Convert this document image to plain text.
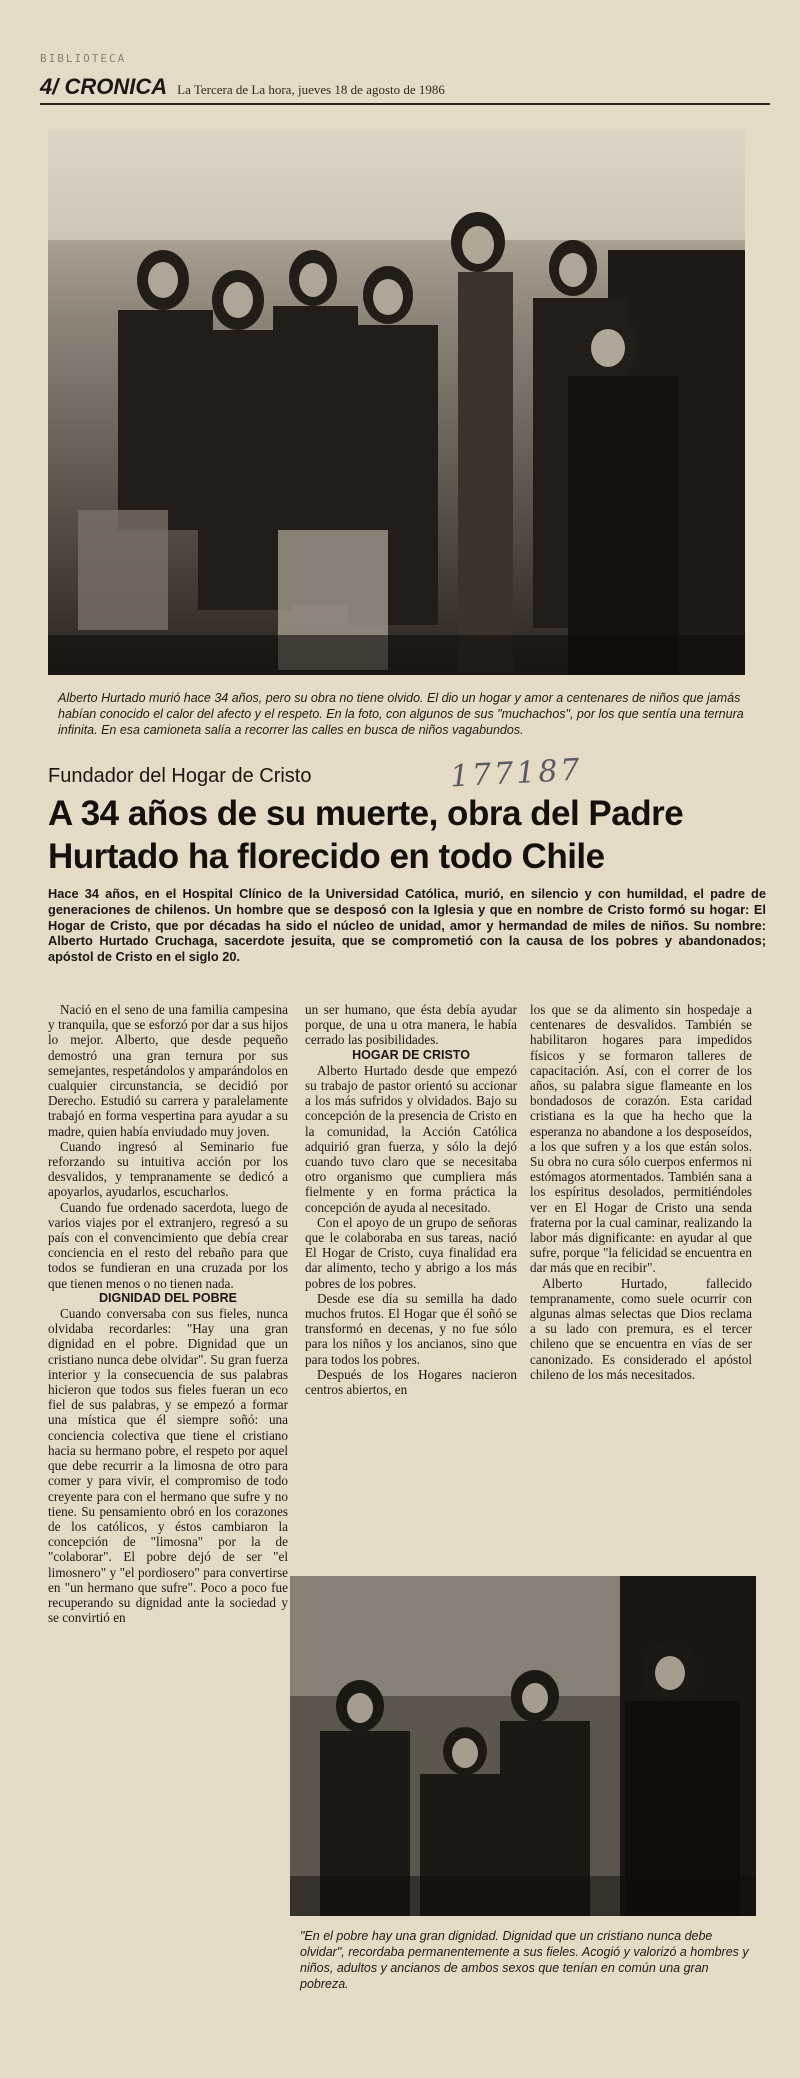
BIBLIOTECA
4/ CRONICA La Tercera de La hora, jueves 18 de agosto de 1986
Alberto Hurtado murió hace 34 años, pero su obra no tiene olvido. El dio un hogar y amor a centenares de niños que jamás habían conocido el calor del afecto y el respeto. En la foto, con algunos de sus "muchachos", por los que sentía una ternura infinita. En esa camioneta salía a recorrer las calles en busca de niños vagabundos.
Fundador del Hogar de Cristo	177187
A 34 años de su muerte, obra del Padre Hurtado ha florecido en todo Chile

Hace 34 años, en el Hospital Clínico de la Universidad Católica, murió, en silencio y con humildad, el padre de generaciones de chilenos. Un hombre que se desposó con la Iglesia y que en nombre de Cristo formó su hogar: El Hogar de Cristo, que por décadas ha sido el núcleo de unidad, amor y hermandad de miles de niños. Su nombre: Alberto Hurtado Cruchaga, sacerdote jesuita, que se comprometió con la causa de los pobres y abandonados; apóstol de Cristo en el siglo 20.

Nació en el seno de una familia campesina y tranquila, que se esforzó por dar a sus hijos lo mejor. Alberto, que desde pequeño demostró una gran ternura por sus semejantes, respetándolos y amparándolos en cualquier circunstancia, se decidió por Derecho. Estudió su carrera y paralelamente trabajó en forma vespertina para ayudar a su madre, quien había enviudado muy joven.

Cuando ingresó al Seminario fue reforzando su intuitiva acción por los desvalidos, y tempranamente se dedicó a apoyarlos, ayudarlos, escucharlos.

Cuando fue ordenado sacerdota, luego de varios viajes por el extranjero, regresó a su país con el convencimiento que debía crear conciencia en el resto del rebaño para que todos se fundieran en una cruzada por los que tienen menos o no tienen nada.

DIGNIDAD DEL POBRE

Cuando conversaba con sus fieles, nunca olvidaba recordarles: "Hay una gran dignidad en el pobre. Dignidad que un cristiano nunca debe olvidar". Su gran fuerza interior y la consecuencia de sus palabras hicieron que todos sus fieles fueran un eco fiel de sus palabras, y se empezó a formar una mística que él siempre soñó: una conciencia colectiva que tiene el cristiano hacia su hermano pobre, el respeto por aquel que debe recurrir a la limosna de otro para comer y para vivir, el compromiso de todo creyente para con el hermano que sufre y no tiene. Su pensamiento obró en los corazones de los católicos, y éstos cambiaron la concepción de "limosna" por la de "colaborar". El pobre dejó de ser "el limosnero" y "el pordiosero" para convertirse en "un hermano que sufre". Poco a poco fue recuperando su dignidad ante la sociedad y se convirtió en

un ser humano, que ésta debía ayudar porque, de una u otra manera, le había cerrado las posibilidades.

HOGAR DE CRISTO

Alberto Hurtado desde que empezó su trabajo de pastor orientó su accionar a los más sufridos y olvidados. Bajo su concepción de la presencia de Cristo en la comunidad, la Acción Católica adquirió gran fuerza, y sólo la dejó cuando tuvo claro que se necesitaba otro organismo que cumpliera más fielmente y en forma práctica la concepción de ayuda al necesitado.

Con el apoyo de un grupo de señoras que le colaboraba en sus tareas, nació El Hogar de Cristo, cuya finalidad era dar alimento, techo y abrigo a los más pobres de los pobres.

Desde ese día su semilla ha dado muchos frutos. El Hogar que él soñó se transformó en decenas, y no fue sólo para los niños y los ancianos, sino que para todos los pobres.

Después de los Hogares nacieron centros abiertos, en

los que se da alimento sin hospedaje a centenares de desvalidos. También se habilitaron hogares para impedidos físicos y se formaron talleres de capacitación. Así, con el correr de los años, su palabra sigue flameante en los bondadosos de corazón. Esta caridad cristiana es la que ha hecho que la esperanza no abandone a los desposeídos, a los que sufren y a los que están solos. Su obra no cura sólo cuerpos enfermos ni estómagos atormentados. También sana a los espíritus desolados, permitiéndoles ver en El Hogar de Cristo una senda fraterna por la cual caminar, realizando la labor más dignificante: en ayudar al que sufre, porque "la felicidad se encuentra en dar más que en recibir".

Alberto Hurtado, fallecido tempranamente, como suele ocurrir con algunas almas selectas que Dios reclama a su lado con premura, es el tercer chileno que se encuentra en vías de ser canonizado. Es considerado el apóstol chileno de los más necesitados.

"En el pobre hay una gran dignidad. Dignidad que un cristiano nunca debe olvidar", recordaba permanentemente a sus fieles. Acogió y valorizó a hombres y niños, adultos y ancianos de ambos sexos que tenían en común una gran pobreza.
